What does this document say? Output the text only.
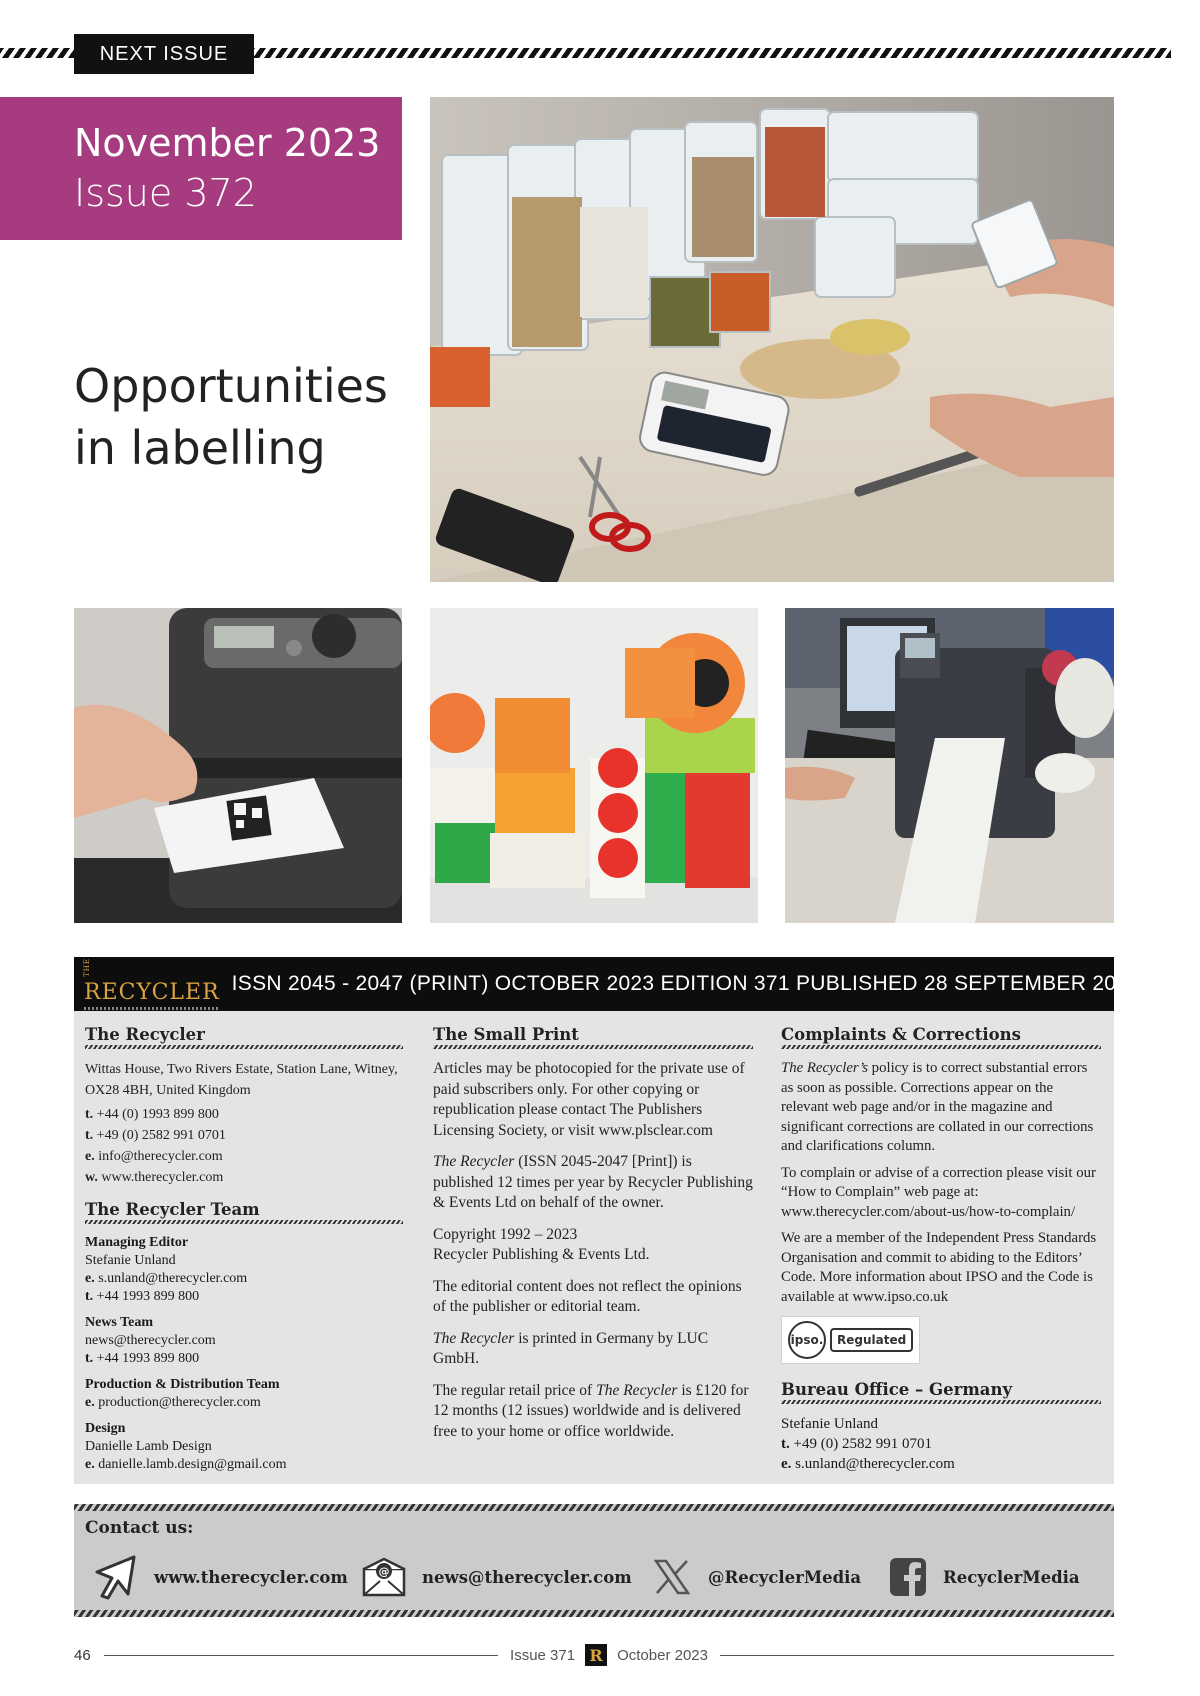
NEXT ISSUE
November 2023
Issue 372
Opportunities
in labelling
THERECYCLER ISSN 2045 - 2047 (PRINT) OCTOBER 2023 EDITION 371 PUBLISHED 28 SEPTEMBER 2023
The Recycler
Wittas House, Two Rivers Estate, Station Lane, Witney, OX28 4BH, United Kingdom
t. +44 (0) 1993 899 800
t. +49 (0) 2582 991 0701
e. info@therecycler.com
w. www.therecycler.com
The Recycler Team
Managing Editor
Stefanie Unland
e. s.unland@therecycler.com
t. +44 1993 899 800
News Team
news@therecycler.com
t. +44 1993 899 800
Production & Distribution Team
e. production@therecycler.com
Design
Danielle Lamb Design
e. danielle.lamb.design@gmail.com
The Small Print
Articles may be photocopied for the private use of paid subscribers only. For other copying or republication please contact The Publishers Licensing Society, or visit www.plsclear.com
The Recycler (ISSN 2045-2047 [Print]) is published 12 times per year by Recycler Publishing & Events Ltd on behalf of the owner.
Copyright 1992 – 2023
Recycler Publishing & Events Ltd.
The editorial content does not reflect the opinions of the publisher or editorial team.
The Recycler is printed in Germany by LUC GmbH.
The regular retail price of The Recycler is £120 for 12 months (12 issues) worldwide and is delivered free to your home or office worldwide.
Complaints & Corrections
The Recycler’s policy is to correct substantial errors as soon as possible. Corrections appear on the relevant web page and/or in the magazine and significant corrections are collated in our corrections and clarifications column.
To complain or advise of a correction please visit our “How to Complain” web page at: www.therecycler.com/about-us/how-to-complain/
We are a member of the Independent Press Standards Organisation and commit to abiding to the Editors’ Code. More information about IPSO and the Code is available at www.ipso.co.uk
ipso.	Regulated
Bureau Office – Germany
Stefanie Unland
t. +49 (0) 2582 991 0701
e. s.unland@therecycler.com
Contact us:
www.therecycler.com	@ news@therecycler.com	@RecyclerMedia	RecyclerMedia
46	Issue 371 R October 2023
